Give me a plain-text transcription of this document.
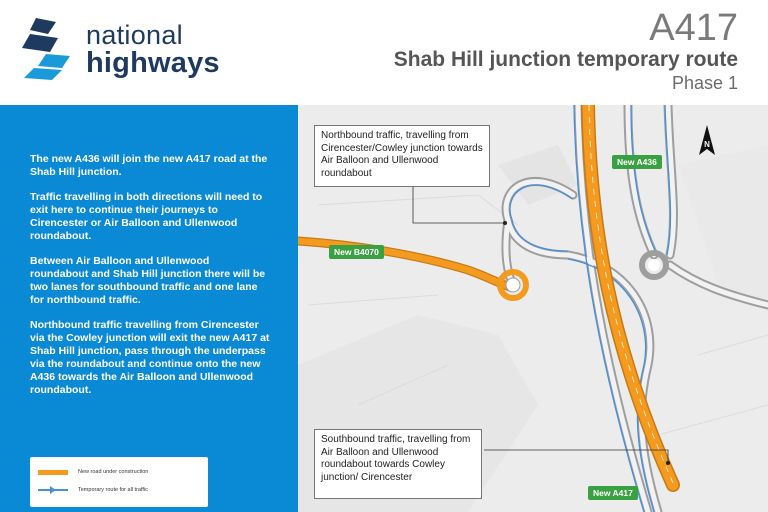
national
highways
A417
Shab Hill junction temporary route
Phase 1

The new A436 will join the new A417 road at the Shab Hill junction.

Traffic travelling in both directions will need to exit here to continue their journeys to Cirencester or Air Balloon and Ullenwood roundabout.

Between Air Balloon and Ullenwood roundabout and Shab Hill junction there will be two lanes for southbound traffic and one lane for northbound traffic.

Northbound traffic travelling from Cirencester via the Cowley junction will exit the new A417 at Shab Hill junction, pass through the underpass via the roundabout and continue onto the new A436 towards the Air Balloon and Ullenwood roundabout.

New road under construction
Temporary route for all traffic
Northbound traffic, travelling from Cirencester/Cowley junction towards Air Balloon and Ullenwood roundabout
Southbound traffic, travelling from Air Balloon and Ullenwood roundabout towards Cowley junction/ Cirencester
New A436
New B4070
New A417
N
